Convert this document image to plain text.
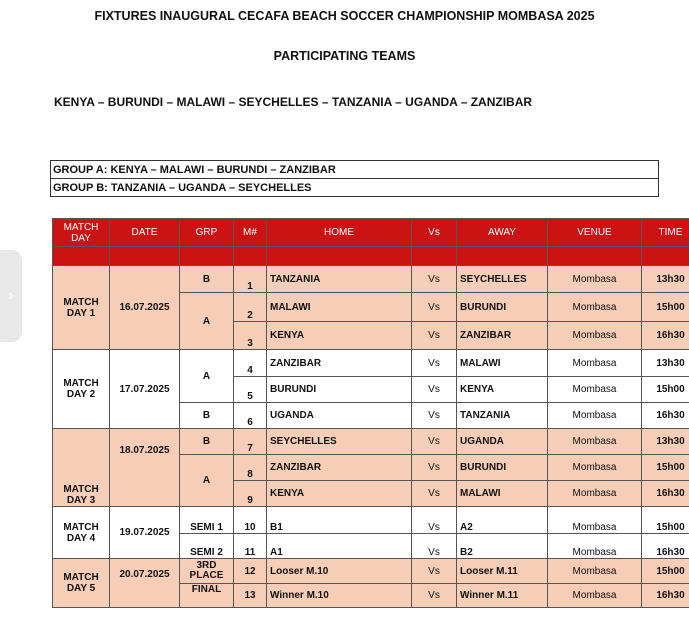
FIXTURES INAUGURAL CECAFA BEACH SOCCER CHAMPIONSHIP MOMBASA 2025
PARTICIPATING TEAMS
KENYA – BURUNDI – MALAWI – SEYCHELLES – TANZANIA – UGANDA – ZANZIBAR
GROUP A: KENYA – MALAWI – BURUNDI – ZANZIBAR
GROUP B: TANZANIA – UGANDA – SEYCHELLES
MATCH DAY	DATE	GRP	M#	HOME	Vs	AWAY	VENUE	TIME

MATCH DAY 1	16.07.2025	B	1	TANZANIA	Vs	SEYCHELLES	Mombasa	13h30
		A	2	MALAWI	Vs	BURUNDI	Mombasa	15h00
			3	KENYA	Vs	ZANZIBAR	Mombasa	16h30
MATCH DAY 2	17.07.2025	A	4	ZANZIBAR	Vs	MALAWI	Mombasa	13h30
			5	BURUNDI	Vs	KENYA	Mombasa	15h00
		B	6	UGANDA	Vs	TANZANIA	Mombasa	16h30
MATCH DAY 3	18.07.2025	B	7	SEYCHELLES	Vs	UGANDA	Mombasa	13h30
		A	8	ZANZIBAR	Vs	BURUNDI	Mombasa	15h00
			9	KENYA	Vs	MALAWI	Mombasa	16h30
MATCH DAY 4	19.07.2025	SEMI 1	10	B1	Vs	A2	Mombasa	15h00
		SEMI 2	11	A1	Vs	B2	Mombasa	16h30
MATCH DAY 5	20.07.2025	3RD PLACE	12	Looser M.10	Vs	Looser M.11	Mombasa	15h00
		FINAL	13	Winner M.10	Vs	Winner M.11	Mombasa	16h30
›
